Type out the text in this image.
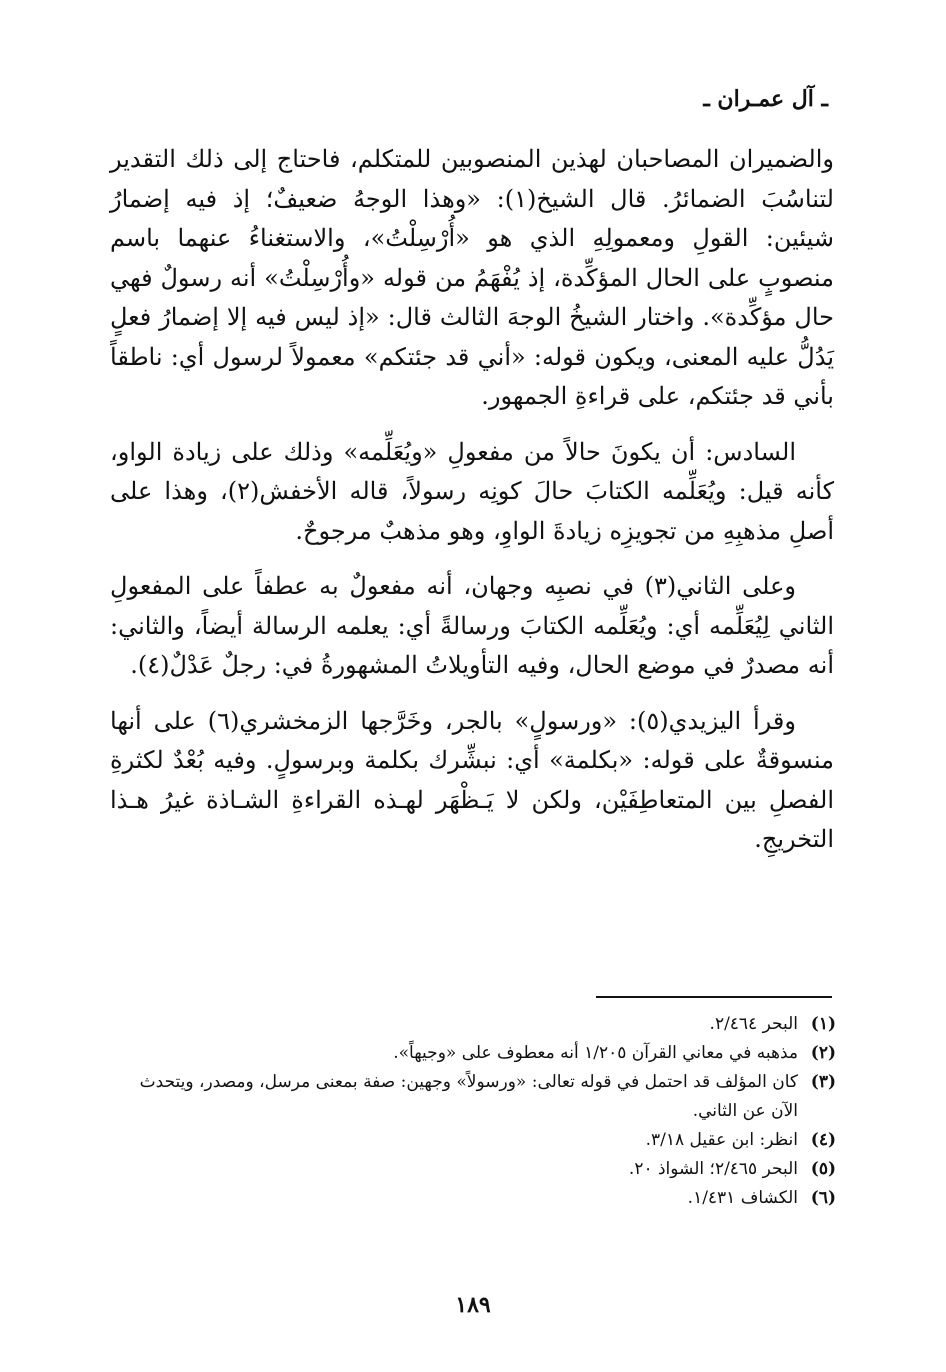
ـ آل عمـران ـ

والضميران المصاحبان لهذين المنصوبين للمتكلم، فاحتاج إلى ذلك التقدير لتناسُبَ الضمائرُ. قال الشيخ(١): «وهذا الوجهُ ضعيفٌ؛ إذ فيه إضمارُ شيئين: القولِ ومعمولِهِ الذي هو «أُرْسِلْتُ»، والاستغناءُ عنهما باسم منصوبٍ على الحال المؤكِّدة، إذ يُفْهَمُ من قوله «وأُرْسِلْتُ» أنه رسولٌ فهي حال مؤكِّدة». واختار الشيخُ الوجهَ الثالث قال: «إذ ليس فيه إلا إضمارُ فعلٍ يَدُلُّ عليه المعنى، ويكون قوله: «أني قد جئتكم» معمولاً لرسول أي: ناطقاً بأني قد جئتكم، على قراءةِ الجمهور.

السادس: أن يكونَ حالاً من مفعولِ «ويُعَلِّمه» وذلك على زيادة الواو، كأنه قيل: ويُعَلِّمه الكتابَ حالَ كونِه رسولاً، قاله الأخفش(٢)، وهذا على أصلِ مذهبِهِ من تجويزِه زيادةَ الواوِ، وهو مذهبٌ مرجوحٌ.

وعلى الثاني(٣) في نصبِه وجهان، أنه مفعولٌ به عطفاً على المفعولِ الثاني لِيُعَلِّمه أي: ويُعَلِّمه الكتابَ ورسالةً أي: يعلمه الرسالة أيضاً، والثاني: أنه مصدرٌ في موضع الحال، وفيه التأويلاتُ المشهورةُ في: رجلٌ عَدْلٌ(٤).

وقرأ اليزيدي(٥): «ورسولٍ» بالجر، وخَرَّجها الزمخشري(٦) على أنها منسوقةٌ على قوله: «بكلمة» أي: نبشِّرك بكلمة وبرسولٍ. وفيه بُعْدٌ لكثرةِ الفصلِ بين المتعاطِفَيْن، ولكن لا يَـظْهَر لهـذه القراءةِ الشـاذة غيرُ هـذا التخريجِ.

(١)
البحر ٢/٤٦٤.
(٢)
مذهبه في معاني القرآن ١/٢٠٥ أنه معطوف على «وجيهاً».
(٣)
كان المؤلف قد احتمل في قوله تعالى: «ورسولاً» وجهين: صفة بمعنى مرسل، ومصدر، ويتحدث الآن عن الثاني.
(٤)
انظر: ابن عقيل ٣/١٨.
(٥)
البحر ٢/٤٦٥؛ الشواذ ٢٠.
(٦)
الكشاف ١/٤٣١.
١٨٩
